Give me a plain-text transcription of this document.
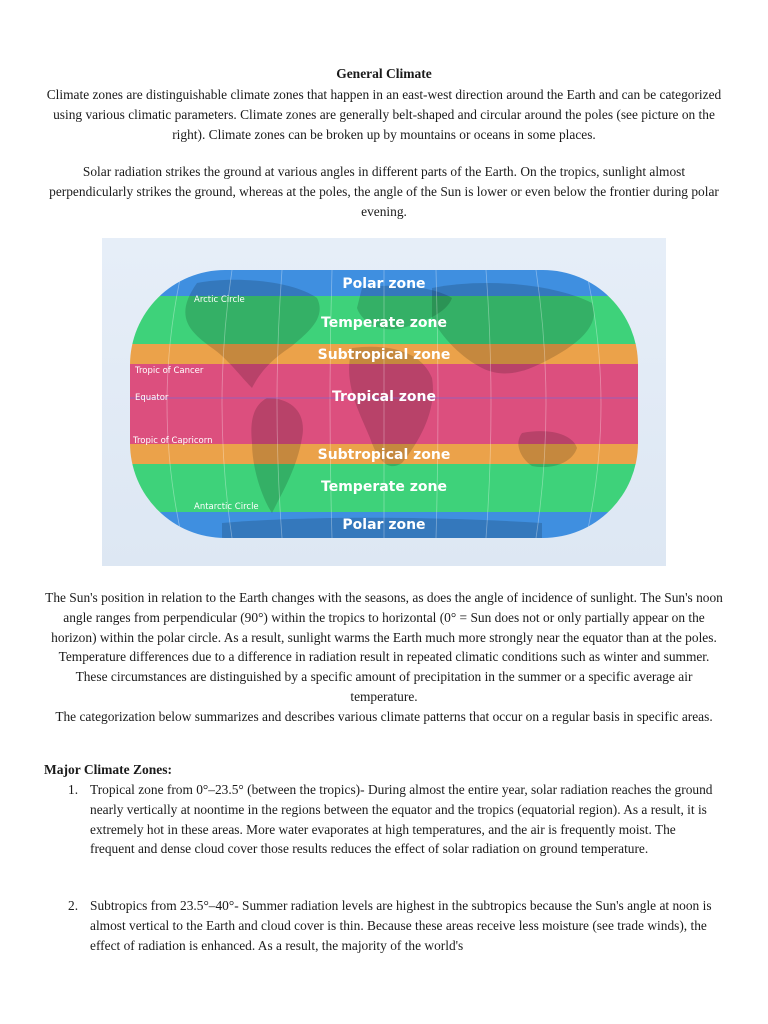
General Climate
Climate zones are distinguishable climate zones that happen in an east-west direction around the Earth and can be categorized using various climatic parameters. Climate zones are generally belt-shaped and circular around the poles (see picture on the right). Climate zones can be broken up by mountains or oceans in some places.
Solar radiation strikes the ground at various angles in different parts of the Earth. On the tropics, sunlight almost perpendicularly strikes the ground, whereas at the poles, the angle of the Sun is lower or even below the frontier during polar evening.
Polar zone
Temperate zone
Subtropical zone
Tropical zone
Subtropical zone
Temperate zone
Polar zone
Arctic Circle
Tropic of Cancer
Equator
Tropic of Capricorn
Antarctic Circle
The Sun's position in relation to the Earth changes with the seasons, as does the angle of incidence of sunlight. The Sun's noon angle ranges from perpendicular (90°) within the tropics to horizontal (0° = Sun does not or only partially appear on the horizon) within the polar circle. As a result, sunlight warms the Earth much more strongly near the equator than at the poles. Temperature differences due to a difference in radiation result in repeated climatic conditions such as winter and summer. These circumstances are distinguished by a specific amount of precipitation in the summer or a specific average air temperature.
The categorization below summarizes and describes various climate patterns that occur on a regular basis in specific areas.
Major Climate Zones:
1. Tropical zone from 0°–23.5° (between the tropics)- During almost the entire year, solar radiation reaches the ground nearly vertically at noontime in the regions between the equator and the tropics (equatorial region). As a result, it is extremely hot in these areas. More water evaporates at high temperatures, and the air is frequently moist. The frequent and dense cloud cover those results reduces the effect of solar radiation on ground temperature.
2. Subtropics from 23.5°–40°- Summer radiation levels are highest in the subtropics because the Sun's angle at noon is almost vertical to the Earth and cloud cover is thin. Because these areas receive less moisture (see trade winds), the effect of radiation is enhanced. As a result, the majority of the world's
